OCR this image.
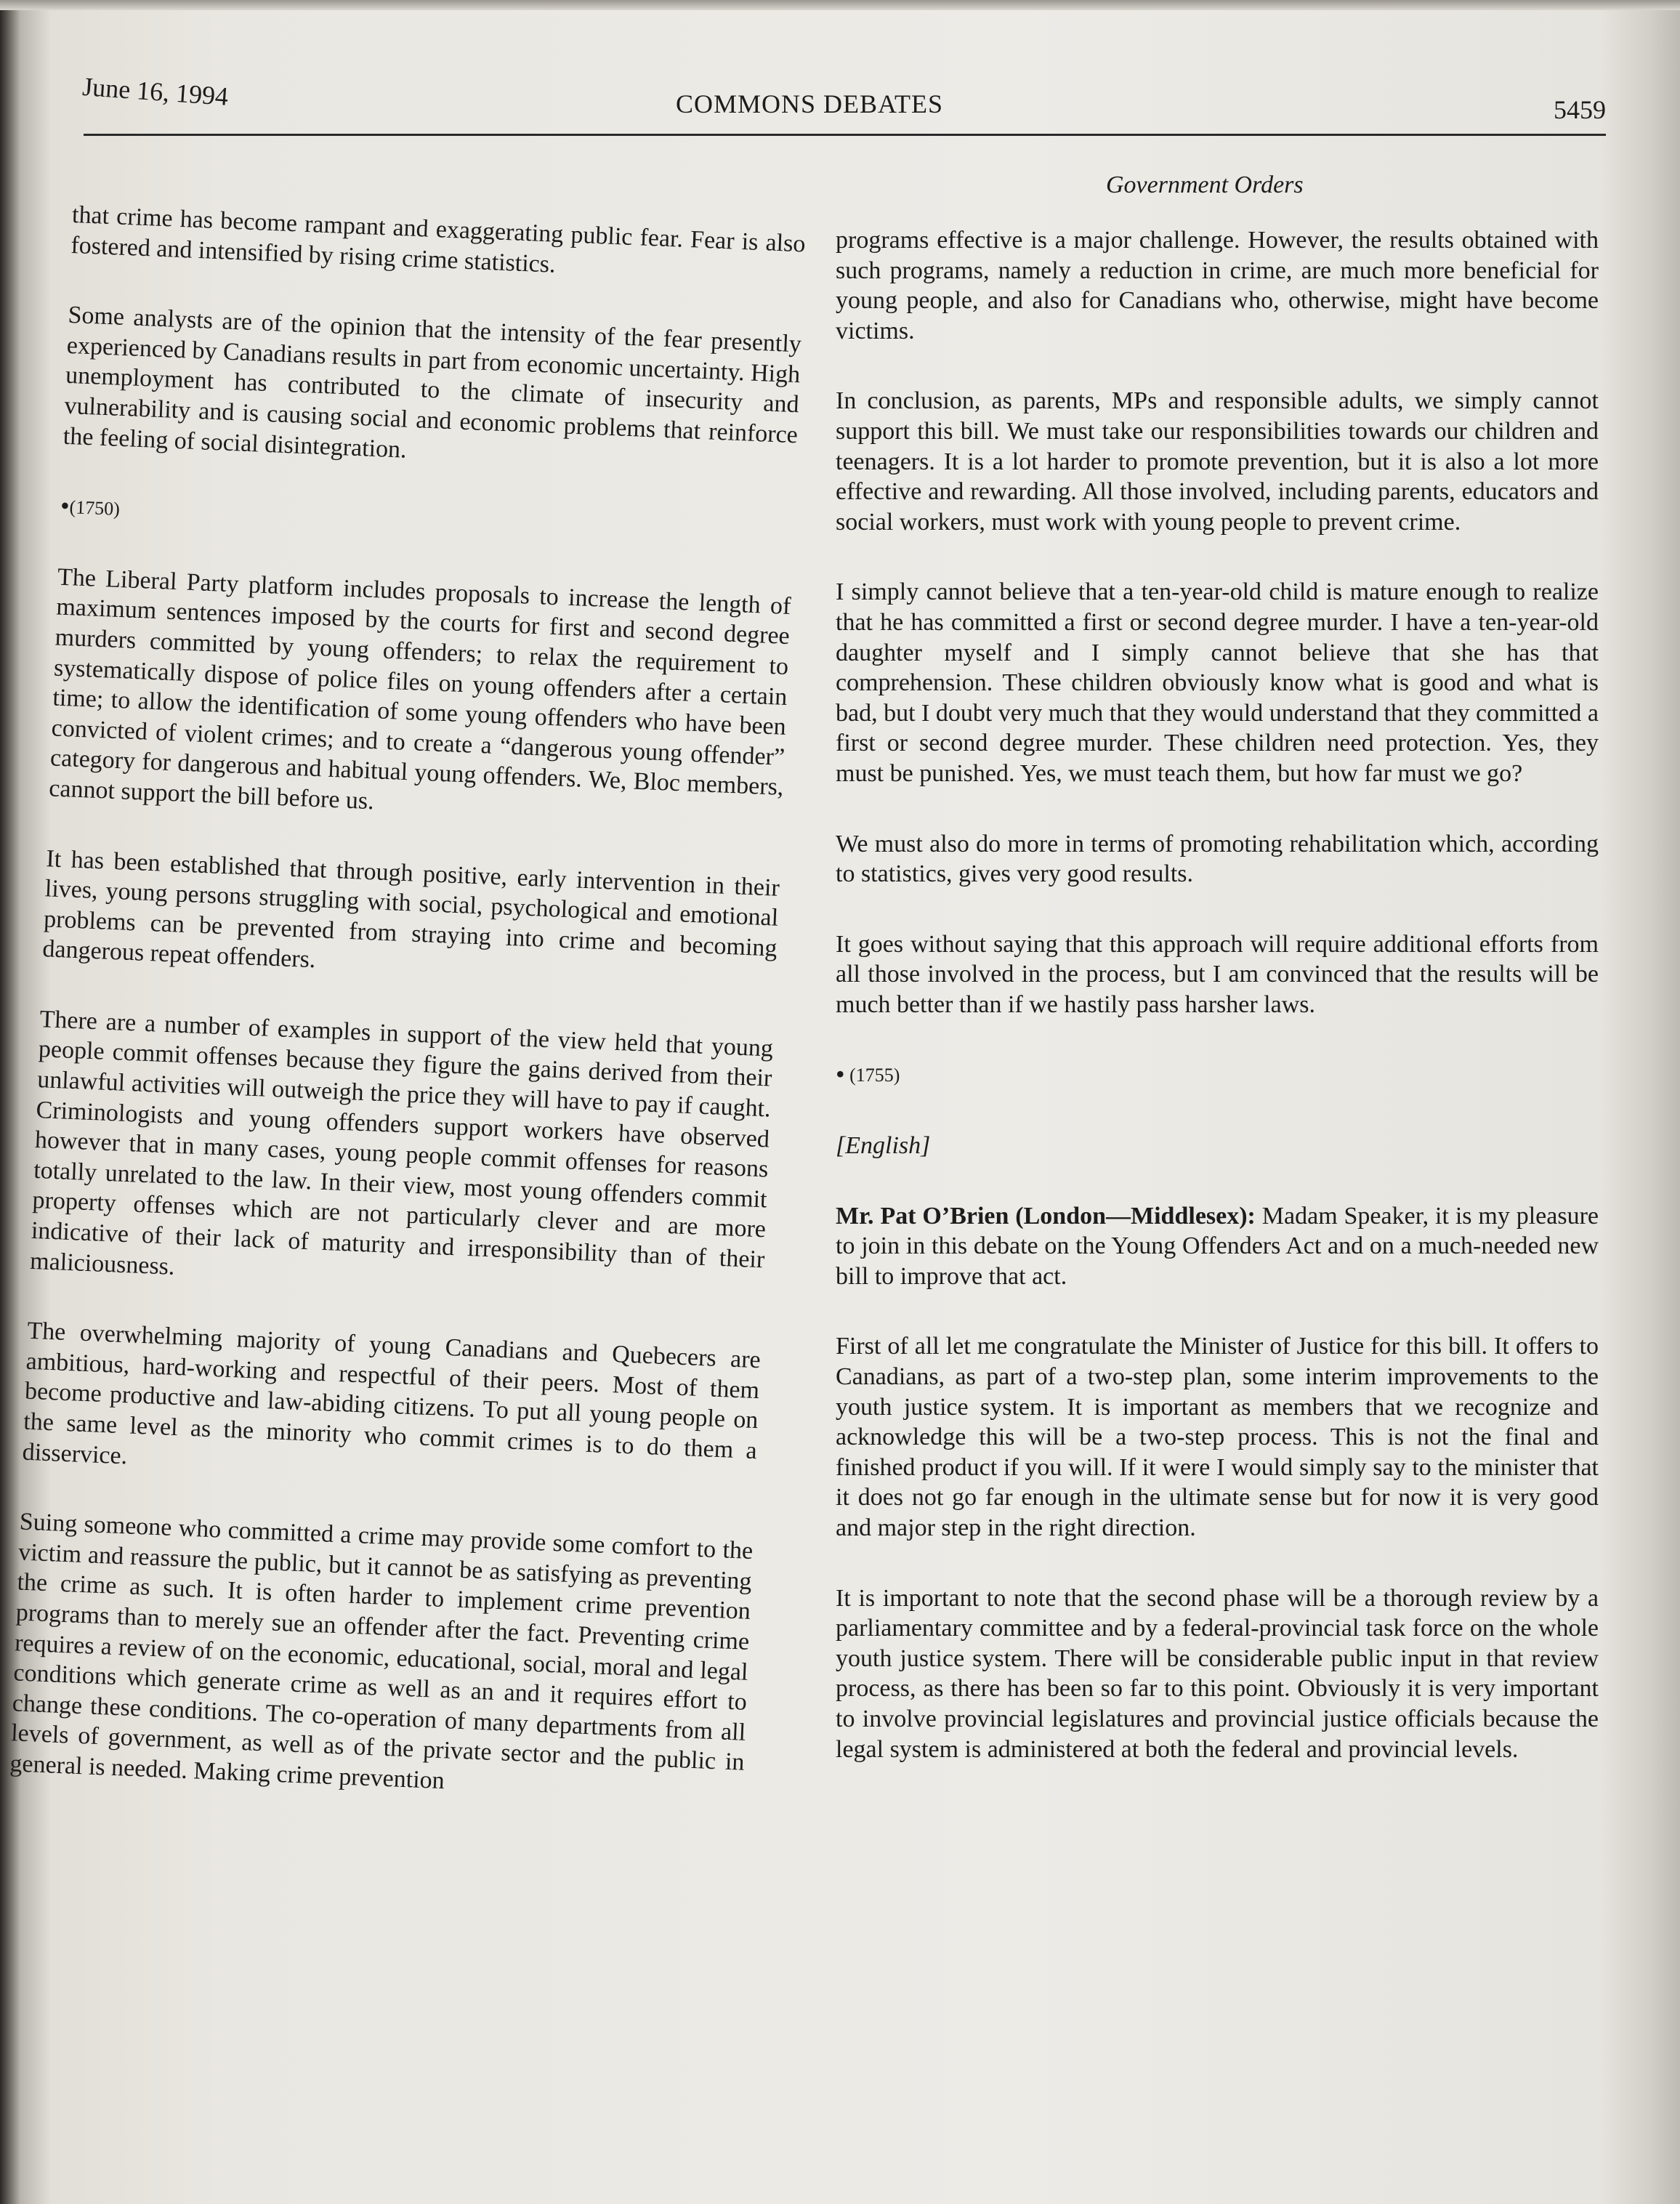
June 16, 1994	COMMONS DEBATES	5459
Government Orders

that crime has become rampant and exaggerating public fear. Fear is also fostered and intensified by rising crime statistics.

Some analysts are of the opinion that the intensity of the fear presently experienced by Canadians results in part from economic uncertainty. High unemployment has contributed to the climate of insecurity and vulnerability and is causing social and economic problems that reinforce the feeling of social disintegration.

•(1750)

The Liberal Party platform includes proposals to increase the length of maximum sentences imposed by the courts for first and second degree murders committed by young offenders; to relax the requirement to systematically dispose of police files on young offenders after a certain time; to allow the identification of some young offenders who have been convicted of violent crimes; and to create a “dangerous young offender” category for dangerous and habitual young offenders. We, Bloc members, cannot support the bill before us.

It has been established that through positive, early intervention in their lives, young persons struggling with social, psychological and emotional problems can be prevented from straying into crime and becoming dangerous repeat offenders.

There are a number of examples in support of the view held that young people commit offenses because they figure the gains derived from their unlawful activities will outweigh the price they will have to pay if caught. Criminologists and young offenders support workers have observed however that in many cases, young people commit offenses for reasons totally unrelated to the law. In their view, most young offenders commit property offenses which are not particularly clever and are more indicative of their lack of maturity and irresponsibility than of their maliciousness.

The overwhelming majority of young Canadians and Quebecers are ambitious, hard-working and respectful of their peers. Most of them become productive and law-abiding citizens. To put all young people on the same level as the minority who commit crimes is to do them a disservice.

Suing someone who committed a crime may provide some comfort to the victim and reassure the public, but it cannot be as satisfying as preventing the crime as such. It is often harder to implement crime prevention programs than to merely sue an offender after the fact. Preventing crime requires a review of on the economic, educational, social, moral and legal conditions which generate crime as well as an and it requires effort to change these conditions. The co-operation of many departments from all levels of government, as well as of the private sector and the public in general is needed. Making crime prevention

programs effective is a major challenge. However, the results obtained with such programs, namely a reduction in crime, are much more beneficial for young people, and also for Canadians who, otherwise, might have become victims.

In conclusion, as parents, MPs and responsible adults, we simply cannot support this bill. We must take our responsibilities towards our children and teenagers. It is a lot harder to promote prevention, but it is also a lot more effective and rewarding. All those involved, including parents, educators and social workers, must work with young people to prevent crime.

I simply cannot believe that a ten-year-old child is mature enough to realize that he has committed a first or second degree murder. I have a ten-year-old daughter myself and I simply cannot believe that she has that comprehension. These children obviously know what is good and what is bad, but I doubt very much that they would understand that they committed a first or second degree murder. These children need protection. Yes, they must be punished. Yes, we must teach them, but how far must we go?

We must also do more in terms of promoting rehabilitation which, according to statistics, gives very good results.

It goes without saying that this approach will require additional efforts from all those involved in the process, but I am convinced that the results will be much better than if we hastily pass harsher laws.

• (1755)

[English]

Mr. Pat O’Brien (London—Middlesex): Madam Speaker, it is my pleasure to join in this debate on the Young Offenders Act and on a much-needed new bill to improve that act.

First of all let me congratulate the Minister of Justice for this bill. It offers to Canadians, as part of a two-step plan, some interim improvements to the youth justice system. It is important as members that we recognize and acknowledge this will be a two-step process. This is not the final and finished product if you will. If it were I would simply say to the minister that it does not go far enough in the ultimate sense but for now it is very good and major step in the right direction.

It is important to note that the second phase will be a thorough review by a parliamentary committee and by a federal-provincial task force on the whole youth justice system. There will be considerable public input in that review process, as there has been so far to this point. Obviously it is very important to involve provincial legislatures and provincial justice officials because the legal system is administered at both the federal and provincial levels.
